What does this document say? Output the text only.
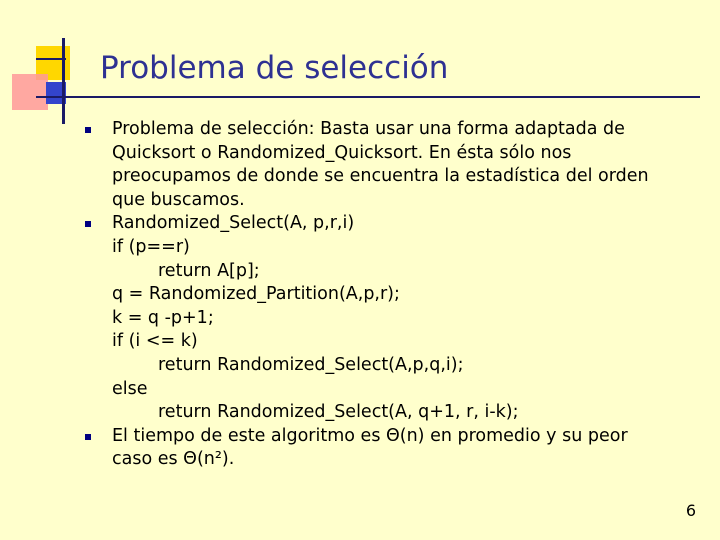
Problema de selección
Problema de selección: Basta usar una forma adaptada de
Quicksort o Randomized_Quicksort. En ésta sólo nos
preocupamos de donde se encuentra la estadística del orden
que buscamos.
Randomized_Select(A, p,r,i)
if (p==r)
return A[p];
q = Randomized_Partition(A,p,r);
k = q -p+1;
if (i <= k)
return Randomized_Select(A,p,q,i);
else
return Randomized_Select(A, q+1, r, i-k);
El tiempo de este algoritmo es Θ(n) en promedio y su peor
caso es Θ(n²).
6
